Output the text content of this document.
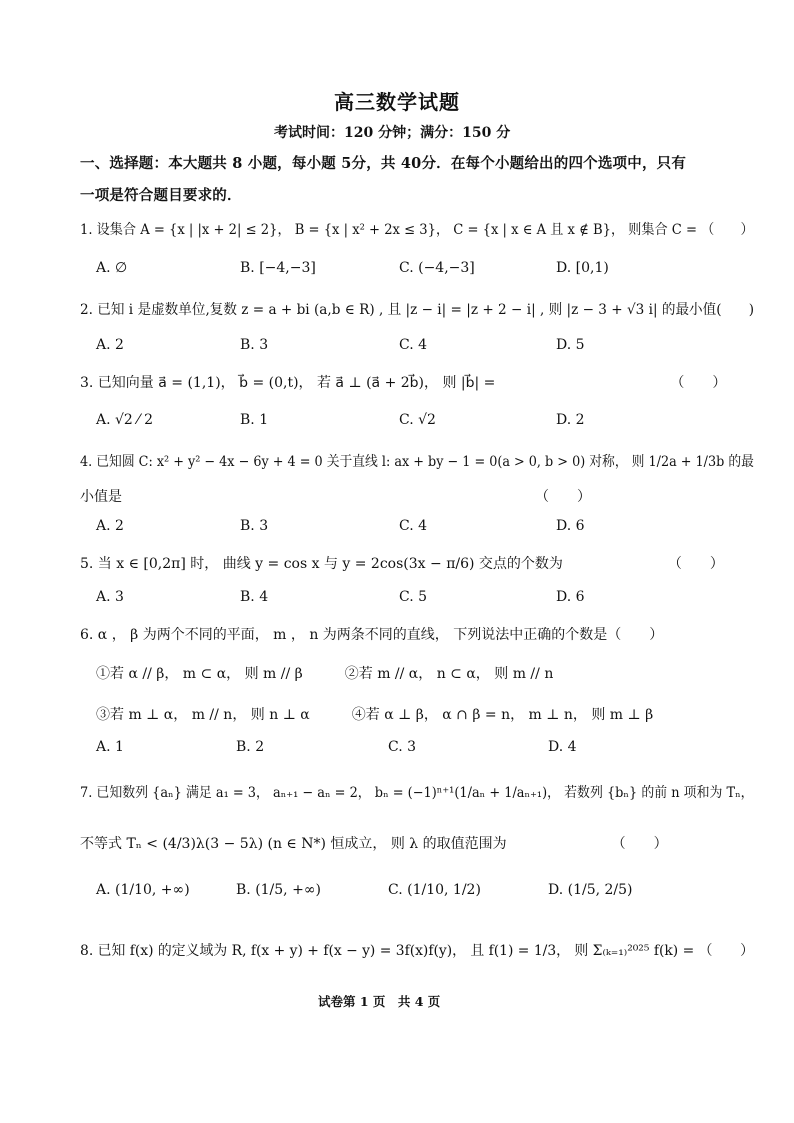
高三数学试题
考试时间：120 分钟；满分：150 分
一、选择题：本大题共 8 小题，每小题 5分，共 40分．在每个小题给出的四个选项中，只有
一项是符合题目要求的．
1. 设集合 A = {x | |x + 2| ≤ 2}， B = {x | x² + 2x ≤ 3}， C = {x | x ∈ A 且 x ∉ B}， 则集合 C = （　　）
A. ∅	B. [−4,−3]	C. (−4,−3]	D. [0,1)
2. 已知 i 是虚数单位,复数 z = a + bi (a,b ∈ R) , 且 |z − i| = |z + 2 − i| , 则 |z − 3 + √3 i| 的最小值(　　)
A. 2	B. 3	C. 4	D. 5
3. 已知向量 a⃗ = (1,1)， b⃗ = (0,t)， 若 a⃗ ⊥ (a⃗ + 2b⃗)， 则 |b⃗| =　　　　　　　　　　　　　（　　）
A. √2 ⁄ 2	B. 1	C. √2	D. 2
4. 已知圆 C: x² + y² − 4x − 6y + 4 = 0 关于直线 l: ax + by − 1 = 0(a > 0, b > 0) 对称， 则 1/2a + 1/3b 的最
小值是　　　　　　　　　　　　　　　　　　　　　　　　　　　　　　（　　）
A. 2	B. 3	C. 4	D. 6
5. 当 x ∈ [0,2π] 时， 曲线 y = cos x 与 y = 2cos(3x − π/6) 交点的个数为　　　　　　　　（　　）
A. 3	B. 4	C. 5	D. 6
6. α ， β 为两个不同的平面， m ， n 为两条不同的直线， 下列说法中正确的个数是（　　）
①若 α // β， m ⊂ α， 则 m // β　　　②若 m // α， n ⊂ α， 则 m // n
③若 m ⊥ α， m // n， 则 n ⊥ α　　　④若 α ⊥ β， α ∩ β = n， m ⊥ n， 则 m ⊥ β
A. 1	B. 2	C. 3	D. 4
7. 已知数列 {aₙ} 满足 a₁ = 3， aₙ₊₁ − aₙ = 2， bₙ = (−1)ⁿ⁺¹(1/aₙ + 1/aₙ₊₁)， 若数列 {bₙ} 的前 n 项和为 Tₙ，
不等式 Tₙ < (4/3)λ(3 − 5λ) (n ∈ N*) 恒成立， 则 λ 的取值范围为　　　　　　　　（　　）
A. (1/10, +∞)	B. (1/5, +∞)	C. (1/10, 1/2)	D. (1/5, 2/5)
8. 已知 f(x) 的定义域为 R, f(x + y) + f(x − y) = 3f(x)f(y)， 且 f(1) = 1/3， 则 Σ₍ₖ₌₁₎²⁰²⁵ f(k) = （　　）
试卷第 1 页　共 4 页
